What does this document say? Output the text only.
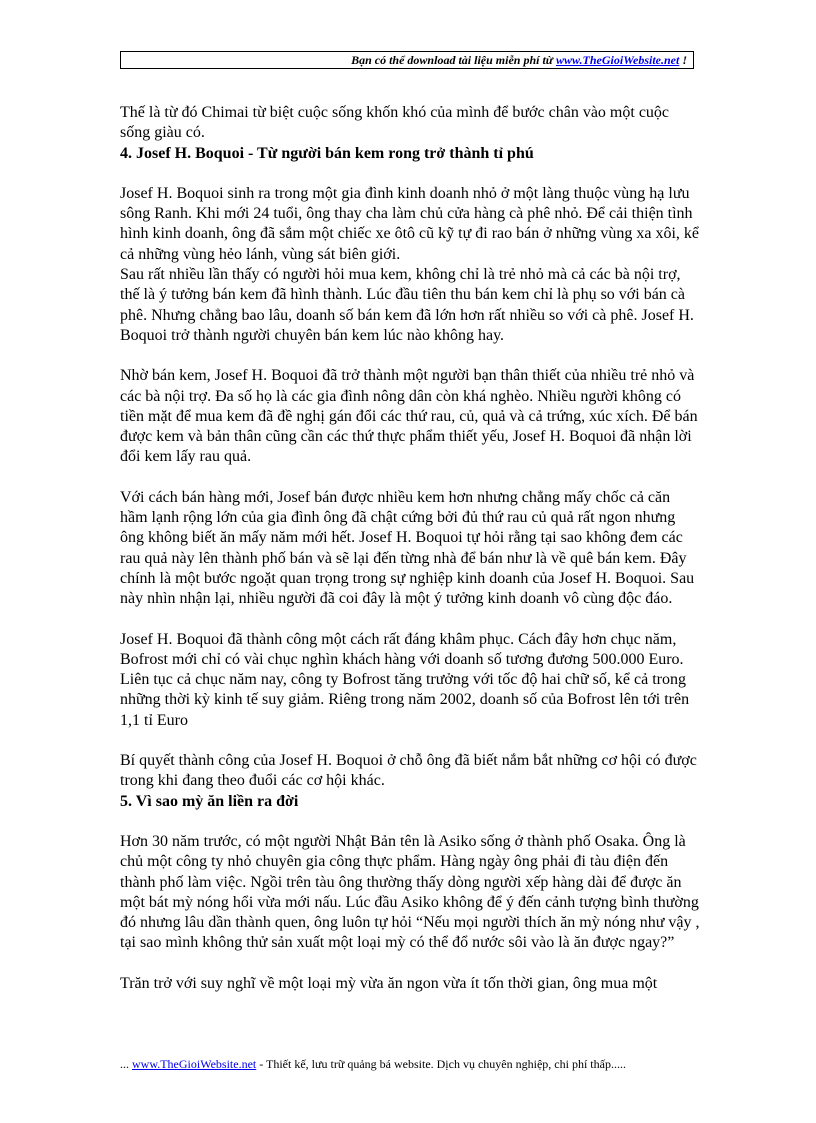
Bạn có thể download tài liệu miễn phí từ www.TheGioiWebsite.net !

Thế là từ đó Chimai từ biệt cuộc sống khốn khó của mình để bước chân vào một cuộc sống giàu có.

4. Josef H. Boquoi - Từ người bán kem rong trở thành tỉ phú

Josef H. Boquoi sinh ra trong một gia đình kinh doanh nhỏ ở một làng thuộc vùng hạ lưu sông Ranh. Khi mới 24 tuổi, ông thay cha làm chủ cửa hàng cà phê nhỏ. Để cải thiện tình hình kinh doanh, ông đã sắm một chiếc xe ôtô cũ kỹ tự đi rao bán ở những vùng xa xôi, kể cả những vùng hẻo lánh, vùng sát biên giới.

Sau rất nhiều lần thấy có người hỏi mua kem, không chỉ là trẻ nhỏ mà cả các bà nội trợ, thế là ý tưởng bán kem đã hình thành. Lúc đầu tiên thu bán kem chỉ là phụ so với bán cà phê. Nhưng chẳng bao lâu, doanh số bán kem đã lớn hơn rất nhiều so với cà phê. Josef H. Boquoi trở thành người chuyên bán kem lúc nào không hay.

Nhờ bán kem, Josef H. Boquoi đã trở thành một người bạn thân thiết của nhiều trẻ nhỏ và các bà nội trợ. Đa số họ là các gia đình nông dân còn khá nghèo. Nhiều người không có tiền mặt để mua kem đã đề nghị gán đổi các thứ rau, củ, quả và cả trứng, xúc xích. Để bán được kem và bản thân cũng cần các thứ thực phẩm thiết yếu, Josef H. Boquoi đã nhận lời đổi kem lấy rau quả.

Với cách bán hàng mới, Josef bán được nhiều kem hơn nhưng chẳng mấy chốc cả căn hầm lạnh rộng lớn của gia đình ông đã chật cứng bởi đủ thứ rau củ quả rất ngon nhưng ông không biết ăn mấy năm mới hết. Josef H. Boquoi tự hỏi rằng tại sao không đem các rau quả này lên thành phố bán và sẽ lại đến từng nhà để bán như là về quê bán kem. Đây chính là một bước ngoặt quan trọng trong sự nghiệp kinh doanh của Josef H. Boquoi. Sau này nhìn nhận lại, nhiều người đã coi đây là một ý tưởng kinh doanh vô cùng độc đáo.

Josef H. Boquoi đã thành công một cách rất đáng khâm phục. Cách đây hơn chục năm, Bofrost mới chỉ có vài chục nghìn khách hàng với doanh số tương đương 500.000 Euro. Liên tục cả chục năm nay, công ty Bofrost tăng trưởng với tốc độ hai chữ số, kể cả trong những thời kỳ kinh tế suy giảm. Riêng trong năm 2002, doanh số của Bofrost lên tới trên 1,1 tỉ Euro

Bí quyết thành công của Josef H. Boquoi ở chỗ ông đã biết nắm bắt những cơ hội có được trong khi đang theo đuổi các cơ hội khác.

5. Vì sao mỳ ăn liền ra đời

Hơn 30 năm trước, có một người Nhật Bản tên là Asiko sống ở thành phố Osaka. Ông là chủ một công ty nhỏ chuyên gia công thực phẩm. Hàng ngày ông phải đi tàu điện đến thành phố làm việc. Ngồi trên tàu ông thường thấy dòng người xếp hàng dài để được ăn một bát mỳ nóng hổi vừa mới nấu. Lúc đầu Asiko không để ý đến cảnh tượng bình thường đó nhưng lâu dần thành quen, ông luôn tự hỏi “Nếu mọi người thích ăn mỳ nóng như vậy , tại sao mình không thử sản xuất một loại mỳ có thể đổ nước sôi vào là ăn được ngay?”

Trăn trở với suy nghĩ về một loại mỳ vừa ăn ngon vừa ít tốn thời gian, ông mua một

... www.TheGioiWebsite.net - Thiết kế, lưu trữ quảng bá website. Dịch vụ chuyên nghiệp, chi phí thấp.....
